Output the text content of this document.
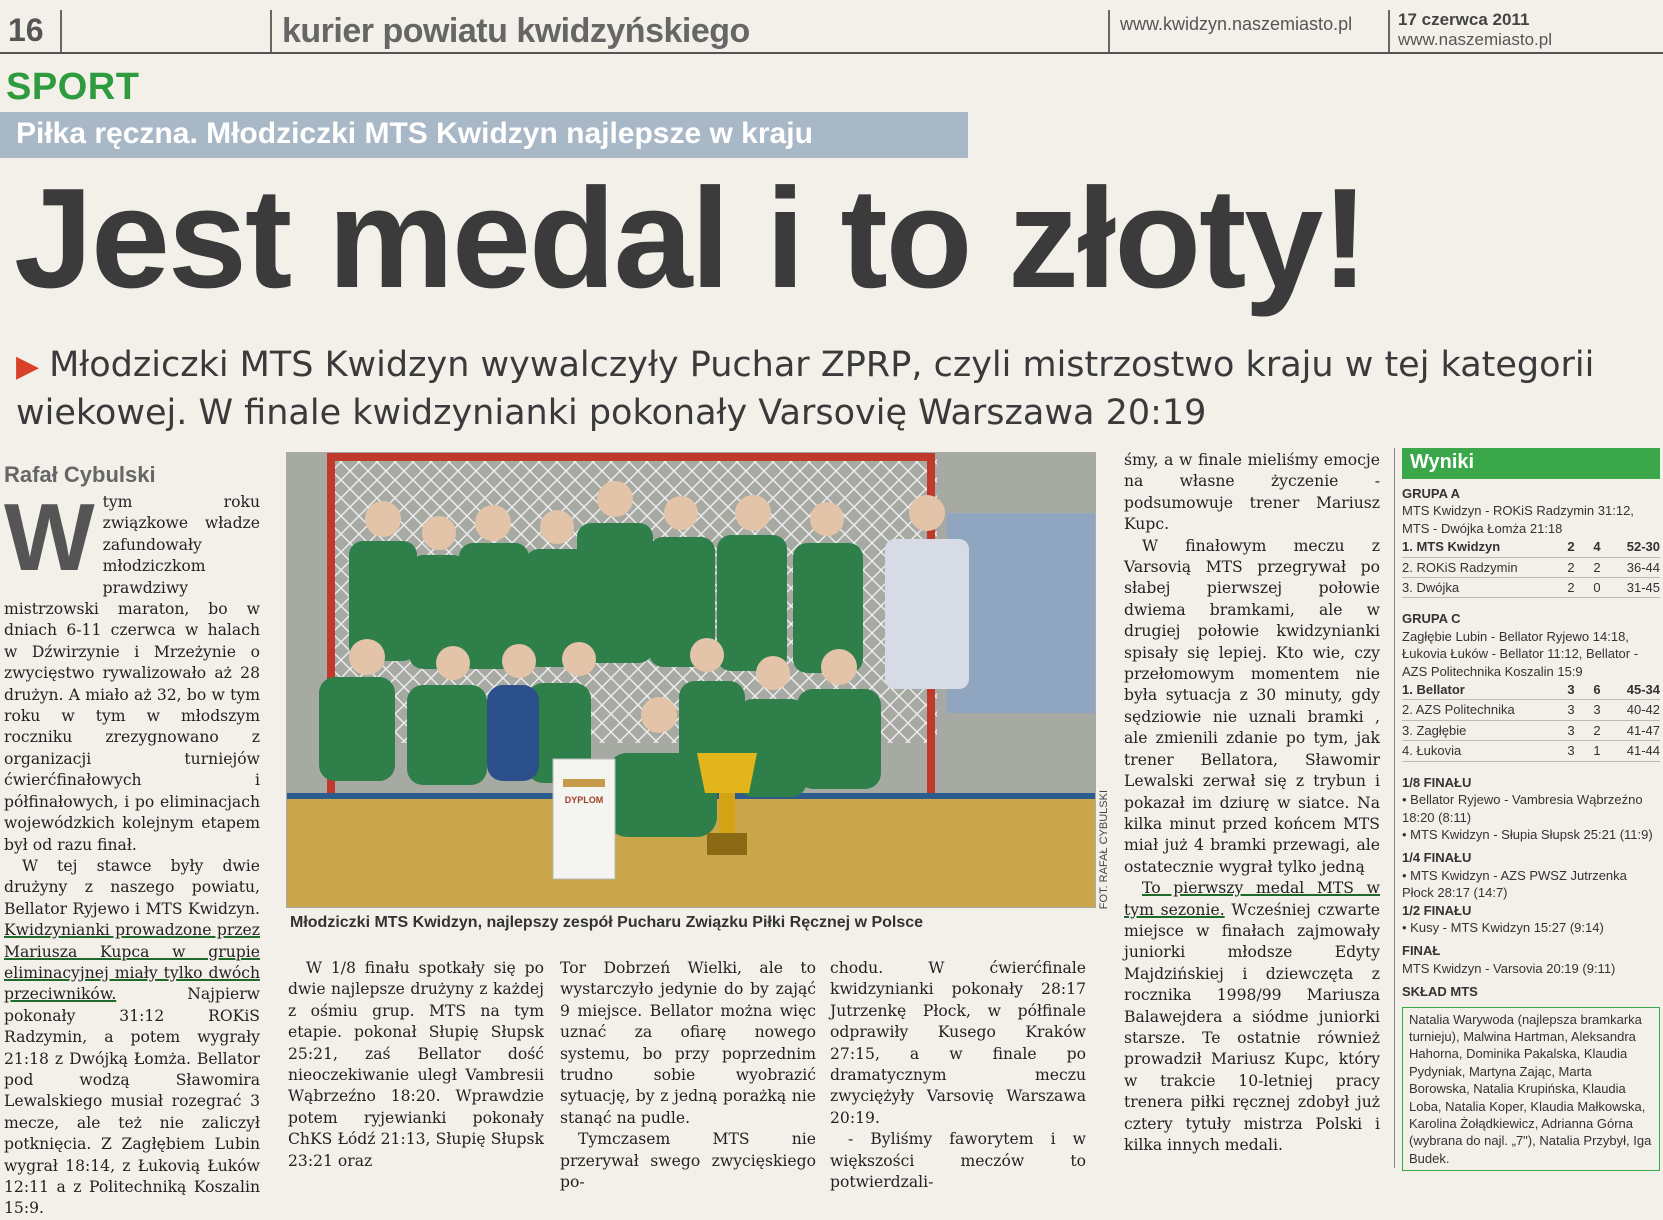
16	kurier powiatu kwidzyńskiego	www.kwidzyn.naszemiasto.pl	17 czerwca 2011
www.naszemiasto.pl
SPORT
Piłka ręczna. Młodziczki MTS Kwidzyn najlepsze w kraju
Jest medal i to złoty!
▶ Młodziczki MTS Kwidzyn wywalczyły Puchar ZPRP, czyli mistrzostwo kraju w tej kategorii wiekowej. W finale kwidzynianki pokonały Varsovię Warszawa 20:19
Rafał Cybulski
W tym roku związkowe władze zafundowały młodziczkom prawdziwy mistrzowski maraton, bo w dniach 6-11 czerwca w halach w Dźwirzynie i Mrzeżynie o zwycięstwo rywalizowało aż 28 drużyn. A miało aż 32, bo w tym roku w tym w młodszym roczniku zrezygnowano z organizacji turniejów ćwierćfinałowych i półfinałowych, i po eliminacjach wojewódzkich kolejnym etapem był od razu finał.
W tej stawce były dwie drużyny z naszego powiatu, Bellator Ryjewo i MTS Kwidzyn. Kwidzynianki prowadzone przez Mariusza Kupca w grupie eliminacyjnej miały tylko dwóch przeciwników.	Najpierw pokonały 31:12 ROKiS Radzymin, a potem wygrały 21:18 z Dwójką Łomża. Bellator pod wodzą Sławomira Lewalskiego musiał rozegrać 3 mecze, ale też nie zaliczył potknięcia. Z Zagłębiem Lubin wygrał 18:14, z Łukovią Łuków 12:11 a z Politechniką Koszalin 15:9.
DYPLOM
Młodziczki MTS Kwidzyn, najlepszy zespół Pucharu Związku Piłki Ręcznej w Polsce
FOT. RAFAŁ CYBULSKI
W 1/8 finału spotkały się po dwie najlepsze drużyny z każdej z ośmiu grup. MTS na tym etapie. pokonał Słupię Słupsk 25:21, zaś Bellator dość nieoczekiwanie uległ Vambresii Wąbrzeźno 18:20. Wprawdzie potem ryjewianki pokonały ChKS Łódź 21:13, Słupię Słupsk 23:21 oraz
Tor Dobrzeń Wielki, ale to wystarczyło jedynie do by zająć 9 miejsce. Bellator można więc uznać za ofiarę nowego systemu, bo przy poprzednim trudno sobie wyobrazić sytuację, by z jedną porażką nie stanąć na pudle.
Tymczasem MTS nie przerywał swego zwycięskiego po-
chodu. W ćwierćfinale kwidzynianki pokonały 28:17 Jutrzenkę Płock, w półfinale odprawiły Kusego Kraków 27:15, a w finale po dramatycznym meczu zwyciężyły Varsovię Warszawa 20:19.
- Byliśmy faworytem i w większości meczów to potwierdzali-
śmy, a w finale mieliśmy emocje na własne życzenie - podsumowuje trener Mariusz Kupc.
W finałowym meczu z Varsovią MTS przegrywał po słabej pierwszej połowie dwiema bramkami, ale w drugiej połowie kwidzynianki spisały się lepiej. Kto wie, czy przełomowym momentem nie była sytuacja z 30 minuty, gdy sędziowie nie uznali bramki , ale zmienili zdanie po tym, jak trener Bellatora, Sławomir Lewalski zerwał się z trybun i pokazał im dziurę w siatce. Na kilka minut przed końcem MTS miał już 4 bramki przewagi, ale ostatecznie wygrał tylko jedną
To pierwszy medal MTS w tym sezonie. Wcześniej czwarte miejsce w finałach zajmowały juniorki młodsze Edyty Majdzińskiej i dziewczęta z rocznika 1998/99 Mariusza Balawejdera a siódme juniorki starsze. Te ostatnie również prowadził Mariusz Kupc, który w trakcie 10-letniej pracy trenera piłki ręcznej zdobył już cztery tytuły mistrza Polski i kilka innych medali.
Wyniki
GRUPA A
MTS Kwidzyn - ROKiS Radzymin 31:12,
MTS - Dwójka Łomża 21:18
1. MTS Kwidzyn	2	4	52-30
2. ROKiS Radzymin	2	2	36-44
3. Dwójka	2	0	31-45
GRUPA C
Zagłębie Lubin - Bellator Ryjewo 14:18, Łukovia Łuków - Bellator 11:12, Bellator - AZS Politechnika Koszalin 15:9
1. Bellator	3	6	45-34
2. AZS Politechnika	3	3	40-42
3. Zagłębie	3	2	41-47
4. Łukovia	3	1	41-44
1/8 FINAŁU
• Bellator Ryjewo - Vambresia Wąbrzeźno 18:20 (8:11)
• MTS Kwidzyn - Słupia Słupsk 25:21 (11:9)
1/4 FINAŁU
• MTS Kwidzyn - AZS PWSZ Jutrzenka Płock 28:17 (14:7)
1/2 FINAŁU
• Kusy - MTS Kwidzyn 15:27 (9:14)
FINAŁ
MTS Kwidzyn - Varsovia 20:19 (9:11)
SKŁAD MTS
Natalia Warywoda (najlepsza bramkarka turnieju), Malwina Hartman, Aleksandra Hahorna, Dominika Pakalska, Klaudia Pydyniak, Martyna Zając, Marta Borowska, Natalia Krupińska, Klaudia Loba, Natalia Koper, Klaudia Małkowska, Karolina Żołądkiewicz, Adrianna Górna (wybrana do najl. „7"), Natalia Przybył, Iga Budek.
